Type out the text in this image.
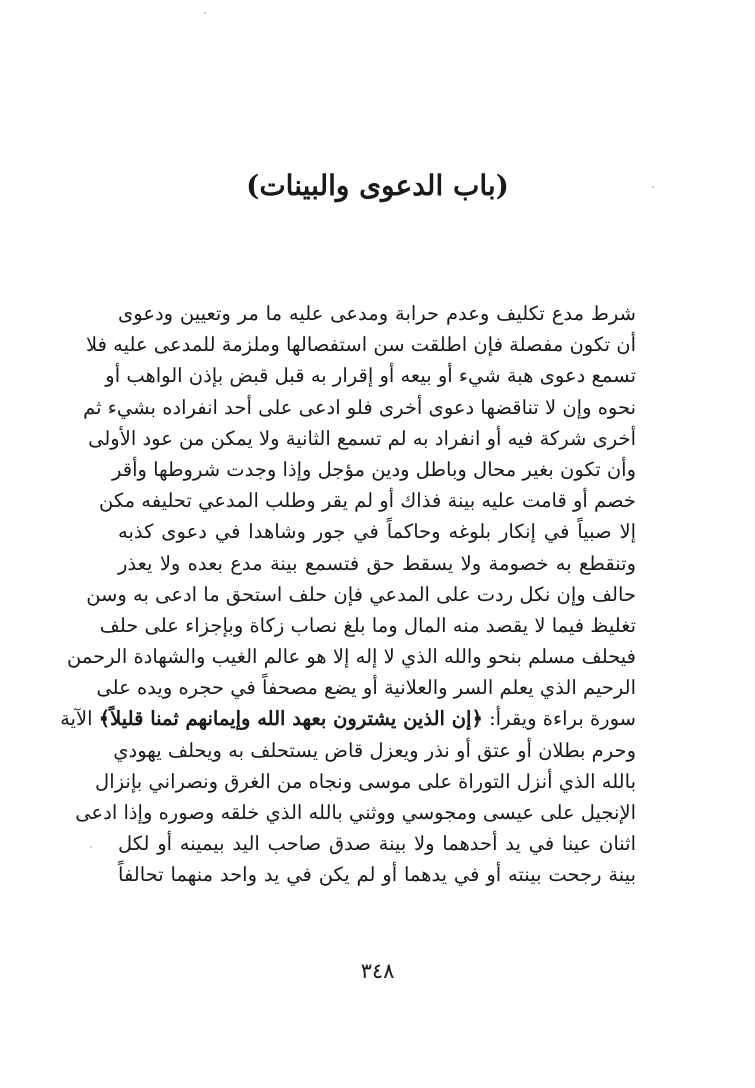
(باب الدعوى والبينات)
شرط مدع تكليف وعدم حرابة ومدعى عليه ما مر وتعيين ودعوى
أن تكون مفصلة فإن اطلقت سن استفصالها وملزمة للمدعى عليه فلا
تسمع دعوى هبة شيء أو بيعه أو إقرار به قبل قبض بإذن الواهب أو
نحوه وإن لا تناقضها دعوى أخرى فلو ادعى على أحد انفراده بشيء ثم
أخرى شركة فيه أو انفراد به لم تسمع الثانية ولا يمكن من عود الأولى
وأن تكون بغير محال وباطل ودين مؤجل وإذا وجدت شروطها وأقر
خصم أو قامت عليه بينة فذاك أو لم يقر وطلب المدعي تحليفه مكن
إلا صبياً في إنكار بلوغه وحاكماً في جور وشاهدا في دعوى كذبه
وتنقطع به خصومة ولا يسقط حق فتسمع بينة مدع بعده ولا يعذر
حالف وإن نكل ردت على المدعي فإن حلف استحق ما ادعى به وسن
تغليظ فيما لا يقصد منه المال وما بلغ نصاب زكاة وبإجزاء على حلف
فيحلف مسلم بنحو والله الذي لا إله إلا هو عالم الغيب والشهادة الرحمن
الرحيم الذي يعلم السر والعلانية أو يضع مصحفاً في حجره ويده على
سورة براءة ويقرأ: ﴿إن الذين يشترون بعهد الله وإيمانهم ثمنا قليلاً﴾ الآية
وحرم بطلان أو عتق أو نذر ويعزل قاض يستحلف به ويحلف يهودي
بالله الذي أنزل التوراة على موسى ونجاه من الغرق ونصراني بإنزال
الإنجيل على عيسى ومجوسي ووثني بالله الذي خلقه وصوره وإذا ادعى
اثنان عينا في يد أحدهما ولا بينة صدق صاحب اليد بيمينه أو لكل
بينة رجحت بينته أو في يدهما أو لم يكن في يد واحد منهما تحالفاً
٣٤٨
